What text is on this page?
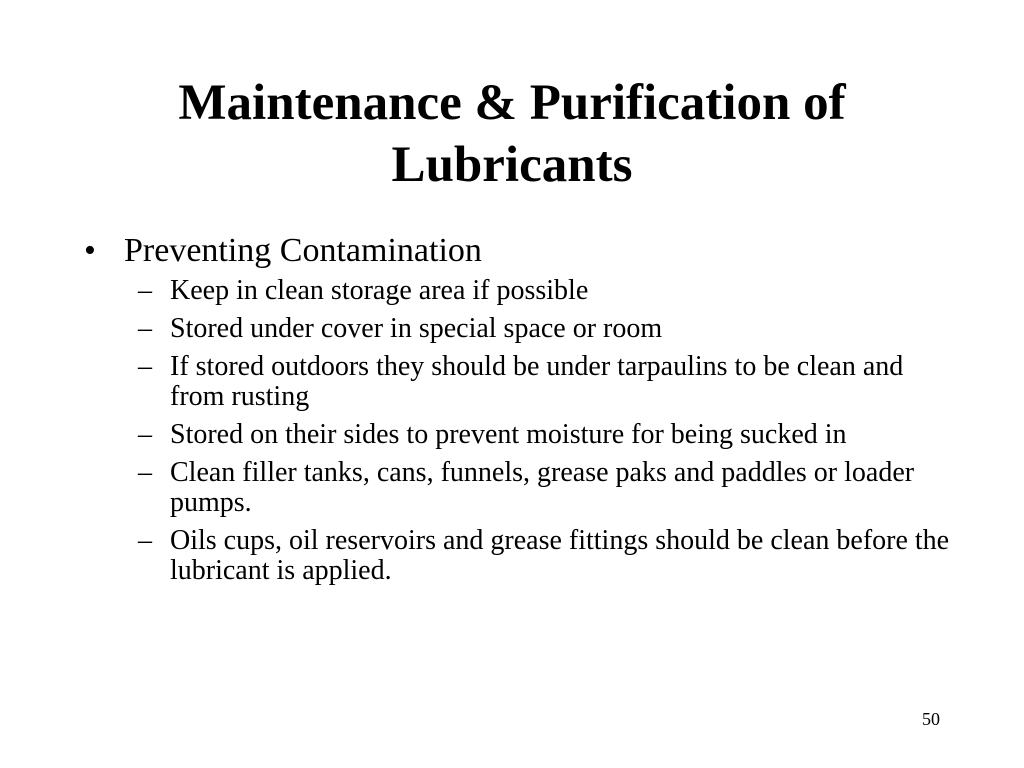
Maintenance & Purification of
Lubricants
• Preventing Contamination
– Keep in clean storage area if possible
– Stored under cover in special space or room
– If stored outdoors they should be under tarpaulins to be clean and from rusting
– Stored on their sides to prevent moisture for being sucked in
– Clean filler tanks, cans, funnels, grease paks and paddles or loader pumps.
– Oils cups, oil reservoirs and grease fittings should be clean before the lubricant is applied.
50
